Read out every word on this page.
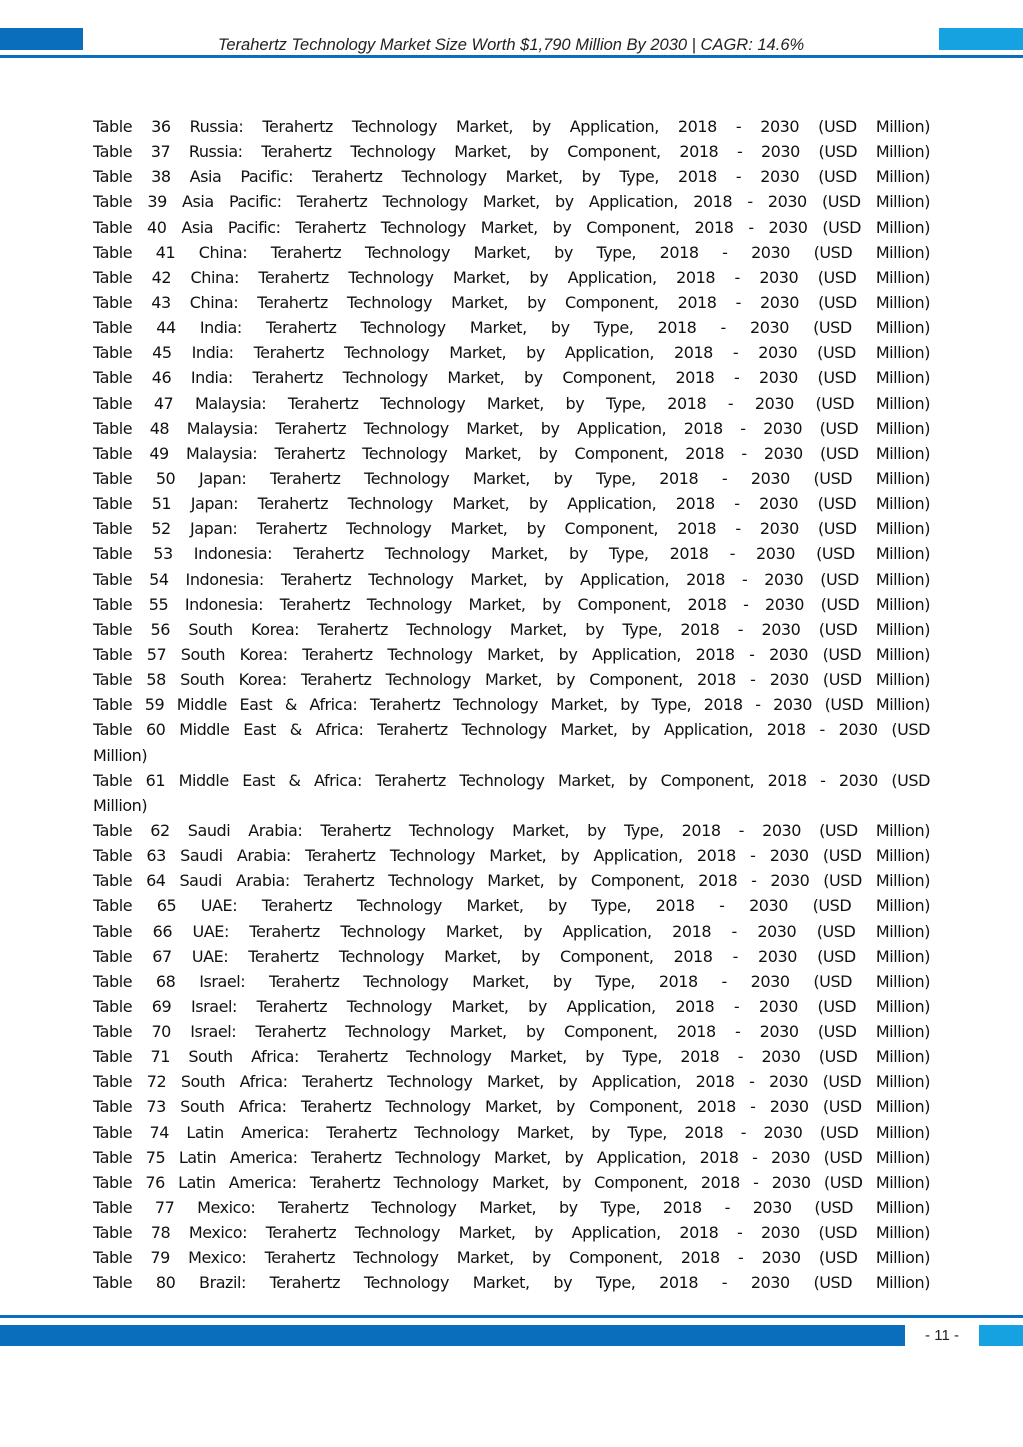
Terahertz Technology Market Size Worth $1,790 Million By 2030 | CAGR: 14.6%
Table 36 Russia: Terahertz Technology Market, by Application, 2018 - 2030 (USD Million)
Table 37 Russia: Terahertz Technology Market, by Component, 2018 - 2030 (USD Million)
Table 38 Asia Pacific: Terahertz Technology Market, by Type, 2018 - 2030 (USD Million)
Table 39 Asia Pacific: Terahertz Technology Market, by Application, 2018 - 2030 (USD Million)
Table 40 Asia Pacific: Terahertz Technology Market, by Component, 2018 - 2030 (USD Million)
Table 41 China: Terahertz Technology Market, by Type, 2018 - 2030 (USD Million)
Table 42 China: Terahertz Technology Market, by Application, 2018 - 2030 (USD Million)
Table 43 China: Terahertz Technology Market, by Component, 2018 - 2030 (USD Million)
Table 44 India: Terahertz Technology Market, by Type, 2018 - 2030 (USD Million)
Table 45 India: Terahertz Technology Market, by Application, 2018 - 2030 (USD Million)
Table 46 India: Terahertz Technology Market, by Component, 2018 - 2030 (USD Million)
Table 47 Malaysia: Terahertz Technology Market, by Type, 2018 - 2030 (USD Million)
Table 48 Malaysia: Terahertz Technology Market, by Application, 2018 - 2030 (USD Million)
Table 49 Malaysia: Terahertz Technology Market, by Component, 2018 - 2030 (USD Million)
Table 50 Japan: Terahertz Technology Market, by Type, 2018 - 2030 (USD Million)
Table 51 Japan: Terahertz Technology Market, by Application, 2018 - 2030 (USD Million)
Table 52 Japan: Terahertz Technology Market, by Component, 2018 - 2030 (USD Million)
Table 53 Indonesia: Terahertz Technology Market, by Type, 2018 - 2030 (USD Million)
Table 54 Indonesia: Terahertz Technology Market, by Application, 2018 - 2030 (USD Million)
Table 55 Indonesia: Terahertz Technology Market, by Component, 2018 - 2030 (USD Million)
Table 56 South Korea: Terahertz Technology Market, by Type, 2018 - 2030 (USD Million)
Table 57 South Korea: Terahertz Technology Market, by Application, 2018 - 2030 (USD Million)
Table 58 South Korea: Terahertz Technology Market, by Component, 2018 - 2030 (USD Million)
Table 59 Middle East & Africa: Terahertz Technology Market, by Type, 2018 - 2030 (USD Million)
Table 60 Middle East & Africa: Terahertz Technology Market, by Application, 2018 - 2030 (USD
Million)
Table 61 Middle East & Africa: Terahertz Technology Market, by Component, 2018 - 2030 (USD
Million)
Table 62 Saudi Arabia: Terahertz Technology Market, by Type, 2018 - 2030 (USD Million)
Table 63 Saudi Arabia: Terahertz Technology Market, by Application, 2018 - 2030 (USD Million)
Table 64 Saudi Arabia: Terahertz Technology Market, by Component, 2018 - 2030 (USD Million)
Table 65 UAE: Terahertz Technology Market, by Type, 2018 - 2030 (USD Million)
Table 66 UAE: Terahertz Technology Market, by Application, 2018 - 2030 (USD Million)
Table 67 UAE: Terahertz Technology Market, by Component, 2018 - 2030 (USD Million)
Table 68 Israel: Terahertz Technology Market, by Type, 2018 - 2030 (USD Million)
Table 69 Israel: Terahertz Technology Market, by Application, 2018 - 2030 (USD Million)
Table 70 Israel: Terahertz Technology Market, by Component, 2018 - 2030 (USD Million)
Table 71 South Africa: Terahertz Technology Market, by Type, 2018 - 2030 (USD Million)
Table 72 South Africa: Terahertz Technology Market, by Application, 2018 - 2030 (USD Million)
Table 73 South Africa: Terahertz Technology Market, by Component, 2018 - 2030 (USD Million)
Table 74 Latin America: Terahertz Technology Market, by Type, 2018 - 2030 (USD Million)
Table 75 Latin America: Terahertz Technology Market, by Application, 2018 - 2030 (USD Million)
Table 76 Latin America: Terahertz Technology Market, by Component, 2018 - 2030 (USD Million)
Table 77 Mexico: Terahertz Technology Market, by Type, 2018 - 2030 (USD Million)
Table 78 Mexico: Terahertz Technology Market, by Application, 2018 - 2030 (USD Million)
Table 79 Mexico: Terahertz Technology Market, by Component, 2018 - 2030 (USD Million)
Table 80 Brazil: Terahertz Technology Market, by Type, 2018 - 2030 (USD Million)
- 11 -
